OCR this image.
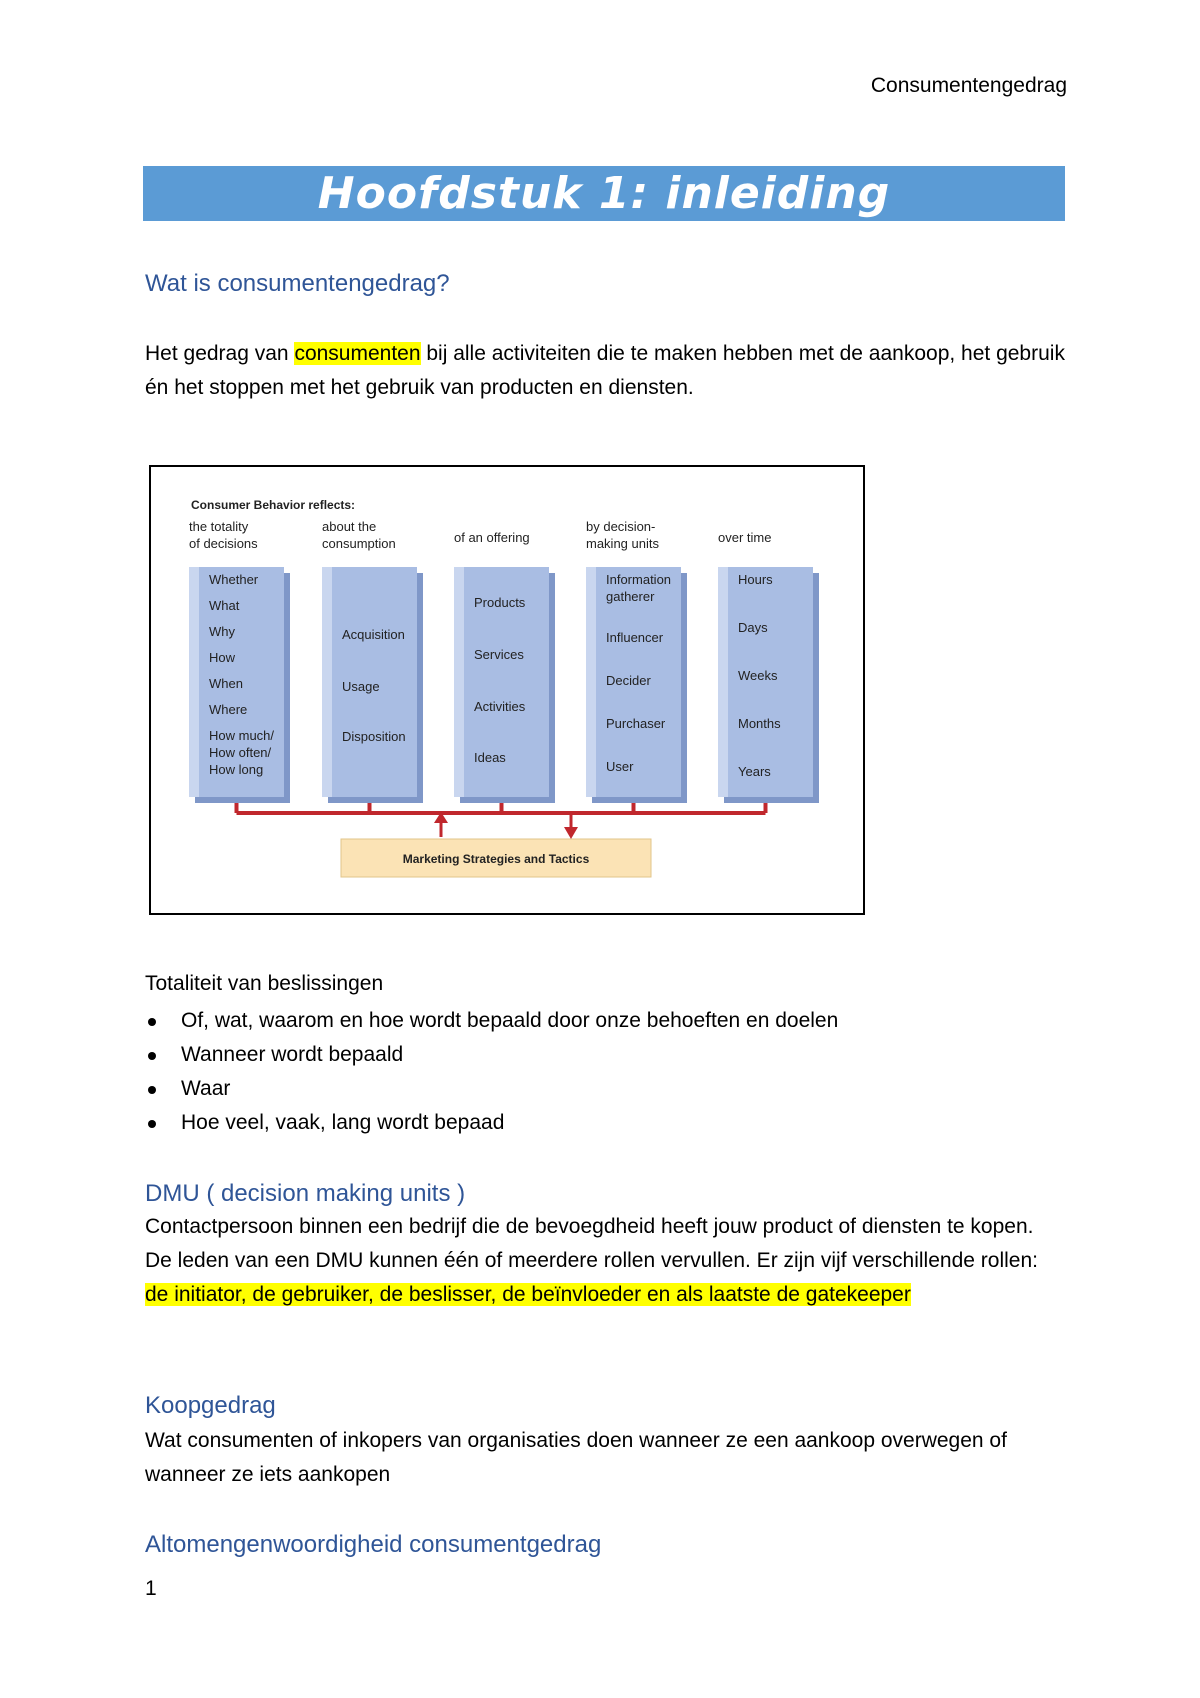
Consumentengedrag
Hoofdstuk 1: inleiding
Wat is consumentengedrag?
Het gedrag van consumenten bij alle activiteiten die te maken hebben met de aankoop, het gebruik én het stoppen met het gebruik van producten en diensten.
Consumer Behavior reflects:
the totality
of decisions
Whether
What
Why
How
When
Where
How much/
How often/
How long
about the
consumption
Acquisition
Usage
Disposition
of an offering
Products
Services
Activities
Ideas
by decision-
making units
Information
gatherer
Influencer
Decider
Purchaser
User
over time
Hours
Days
Weeks
Months
Years
Marketing Strategies and Tactics
Totaliteit van beslissingen
Of, wat, waarom en hoe wordt bepaald door onze behoeften en doelen
Wanneer wordt bepaald
Waar
Hoe veel, vaak, lang wordt bepaad
DMU ( decision making units )
Contactpersoon binnen een bedrijf die de bevoegdheid heeft jouw product of diensten te kopen. De leden van een DMU kunnen één of meerdere rollen vervullen. Er zijn vijf verschillende rollen: de initiator, de gebruiker, de beslisser, de beïnvloeder en als laatste de gatekeeper
Koopgedrag
Wat consumenten of inkopers van organisaties doen wanneer ze een aankoop overwegen of wanneer ze iets aankopen
Altomengenwoordigheid consumentgedrag
1
